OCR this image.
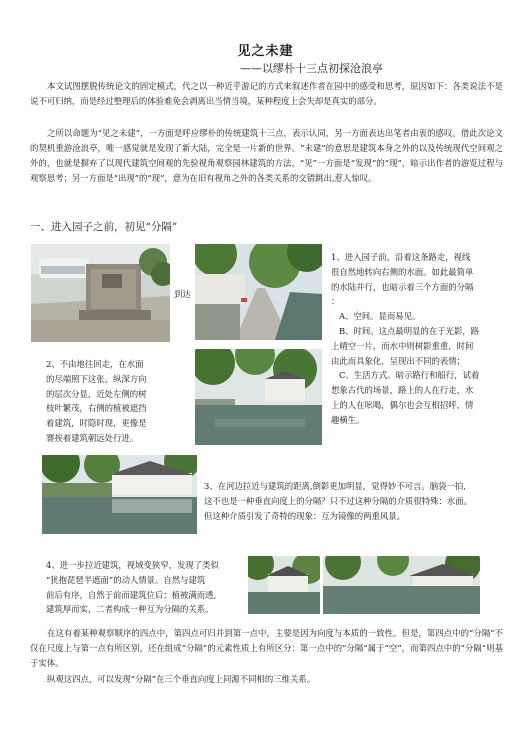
见之未建
——以缪朴十三点初探沧浪亭
本文试图摆脱传统论文的固定模式，代之以一种近乎游记的方式来叙述作者在园中的感受和思考，原因如下：各类说法不是说不可归纳，而是经过整理后的体验难免会剥离出当情当境，某种程度上会失却是真实的部分。
之所以命题为“见之未建”，一方面是呼应缪朴的传统建筑十三点，表示认同，另一方面表达出笔者由衷的感叹。借此次论文的契机重游沧浪亭，唯一感觉就是发现了新大陆，完全是一片新的世界。“未建”的意思是建筑本身之外的以及传统现代空间观之外的，也就是摒弃了以现代建筑空间观的先验视角观察园林建筑的方法。“见”一方面是“发现”的“现”，暗示出作者的游览过程与观察思考；另一方面是“出现”的“现”，意为在旧有视角之外的各类关系的交错跳出,惹人惊叹。
一、进入园子之前，初见“分隔”
到达
1、进入园子前，沿着这条路走，视线
很自然地转向右侧的水面。如此最简单
的水陆并行，也暗示着三个方面的分隔
：
A、空间。显而易见。
B、时间。这点最明显的在于光影，路
上晴空一片，而水中则树影重重，时间
由此而具象化，呈现出不同的表情；
C、生活方式。暗示路行和船行，试着
想象古代的场景，路上的人在行走，水
上的人在吆喝，偶尔也会互相招呼，情
趣横生。
2、不由地往回走，在水面
的尽端照下这张。纵深方向
的层次分显，近处左侧的树
枝叶繁茂，右侧的植被遮挡
着建筑，时隐时现，更像是
褰挨着建筑朝远处行进。
3、在河边拉近与建筑的距离,倒影更加明显，觉得妙不可言。脑袋一拍,
这不也是一种垂直向度上的分隔？只不过这种分隔的介质很特殊：水面。
但这种介质引发了奇特的现象：互为镜像的两重风景。
4、进一步拉近建筑，视域变狭窄，发现了类似
“犹抱琵琶半遮面”的动人情景。自然与建筑
前后有序，自然于前而建筑位后；植被满而透,
建筑厚而实，二者构成一种互为分隔的关系。
在这有着某种观察顺序的四点中，第四点可归并到第一点中，主要是因为向度与本质的一致性。但是，第四点中的“分隔”不仅在尺度上与第一点有所区别，还在组成“分隔”的元素性质上有所区分：第一点中的“分隔”属于“空”，而第四点中的“分隔”则基于实体。
纵观这四点，可以发现“分隔”在三个垂直向度上同源不同相的三维关系。
